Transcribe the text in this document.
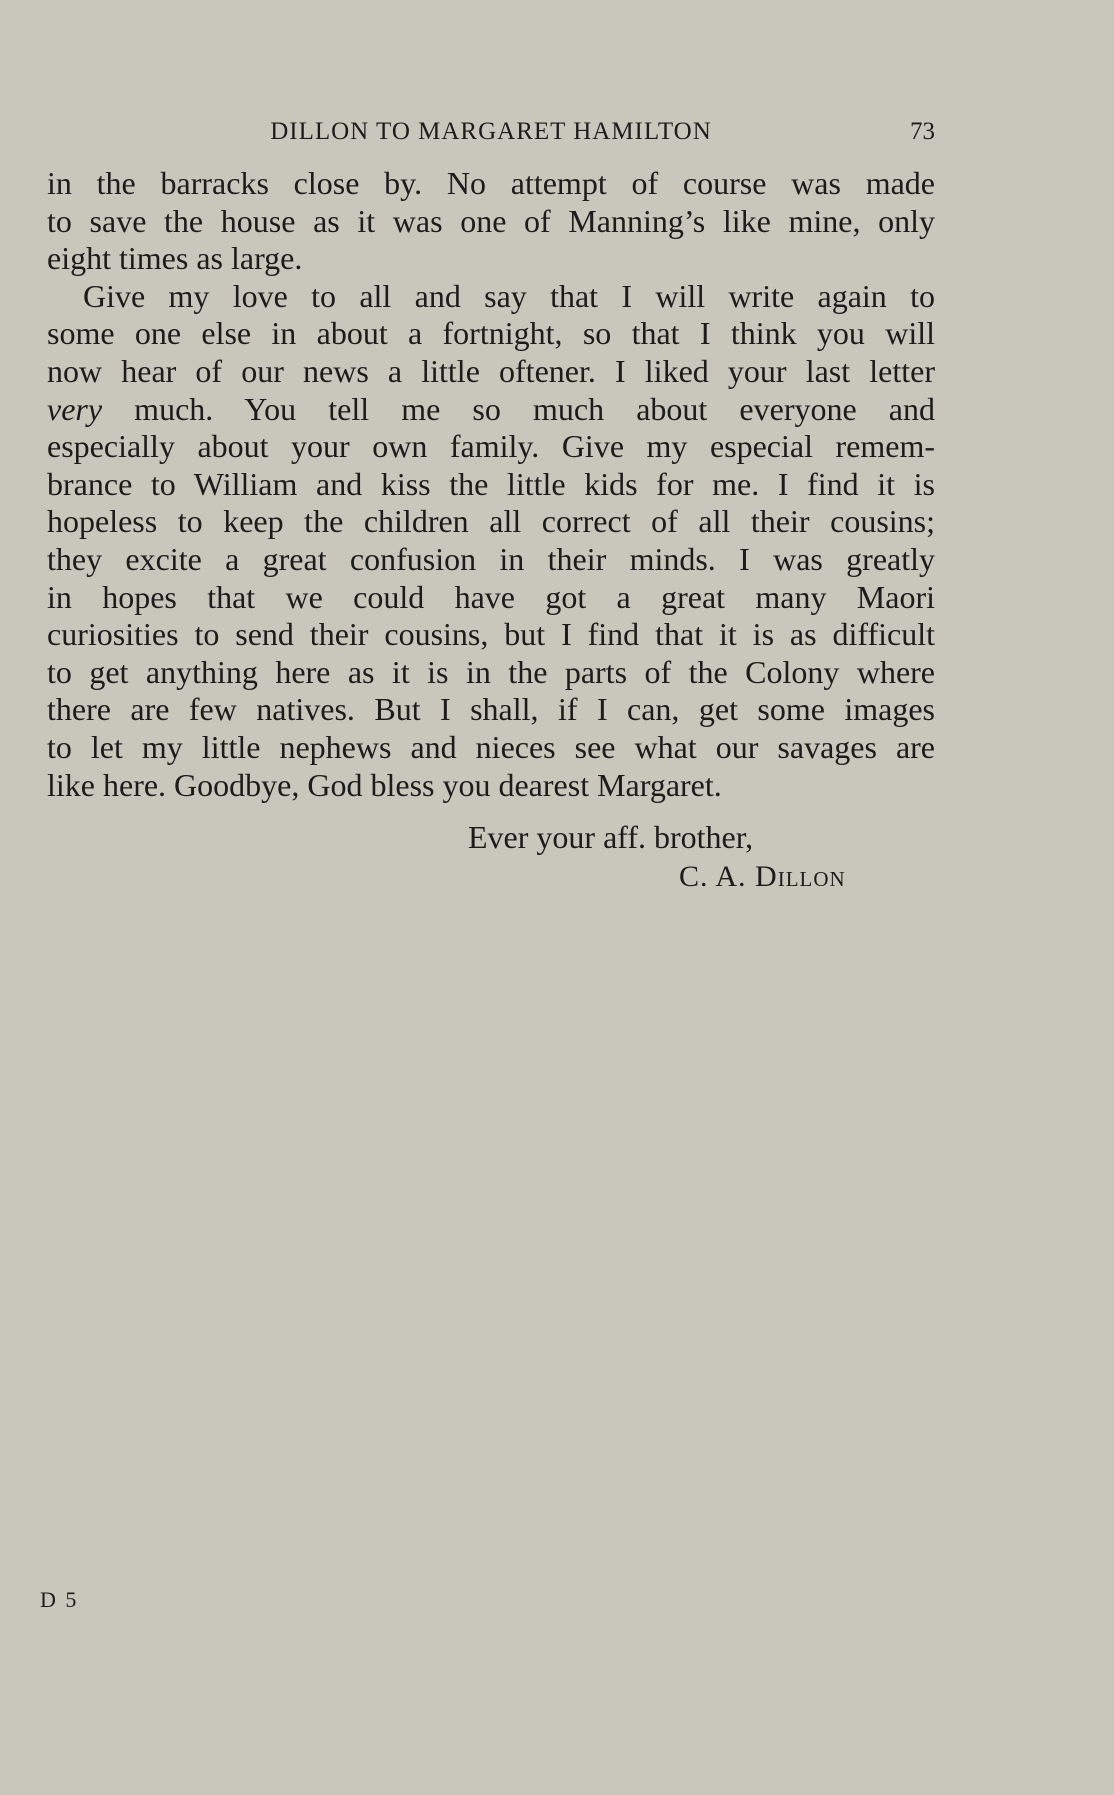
DILLON TO MARGARET HAMILTON	73
in the barracks close by. No attempt of course was made
to save the house as it was one of Manning’s like mine, only
eight times as large.
Give my love to all and say that I will write again to
some one else in about a fortnight, so that I think you will
now hear of our news a little oftener. I liked your last letter
very much. You tell me so much about everyone and
especially about your own family. Give my especial remem-
brance to William and kiss the little kids for me. I find it is
hopeless to keep the children all correct of all their cousins;
they excite a great confusion in their minds. I was greatly
in hopes that we could have got a great many Maori
curiosities to send their cousins, but I find that it is as difficult
to get anything here as it is in the parts of the Colony where
there are few natives. But I shall, if I can, get some images
to let my little nephews and nieces see what our savages are
like here. Goodbye, God bless you dearest Margaret.
Ever your aff. brother,
C. A. Dillon
D 5
